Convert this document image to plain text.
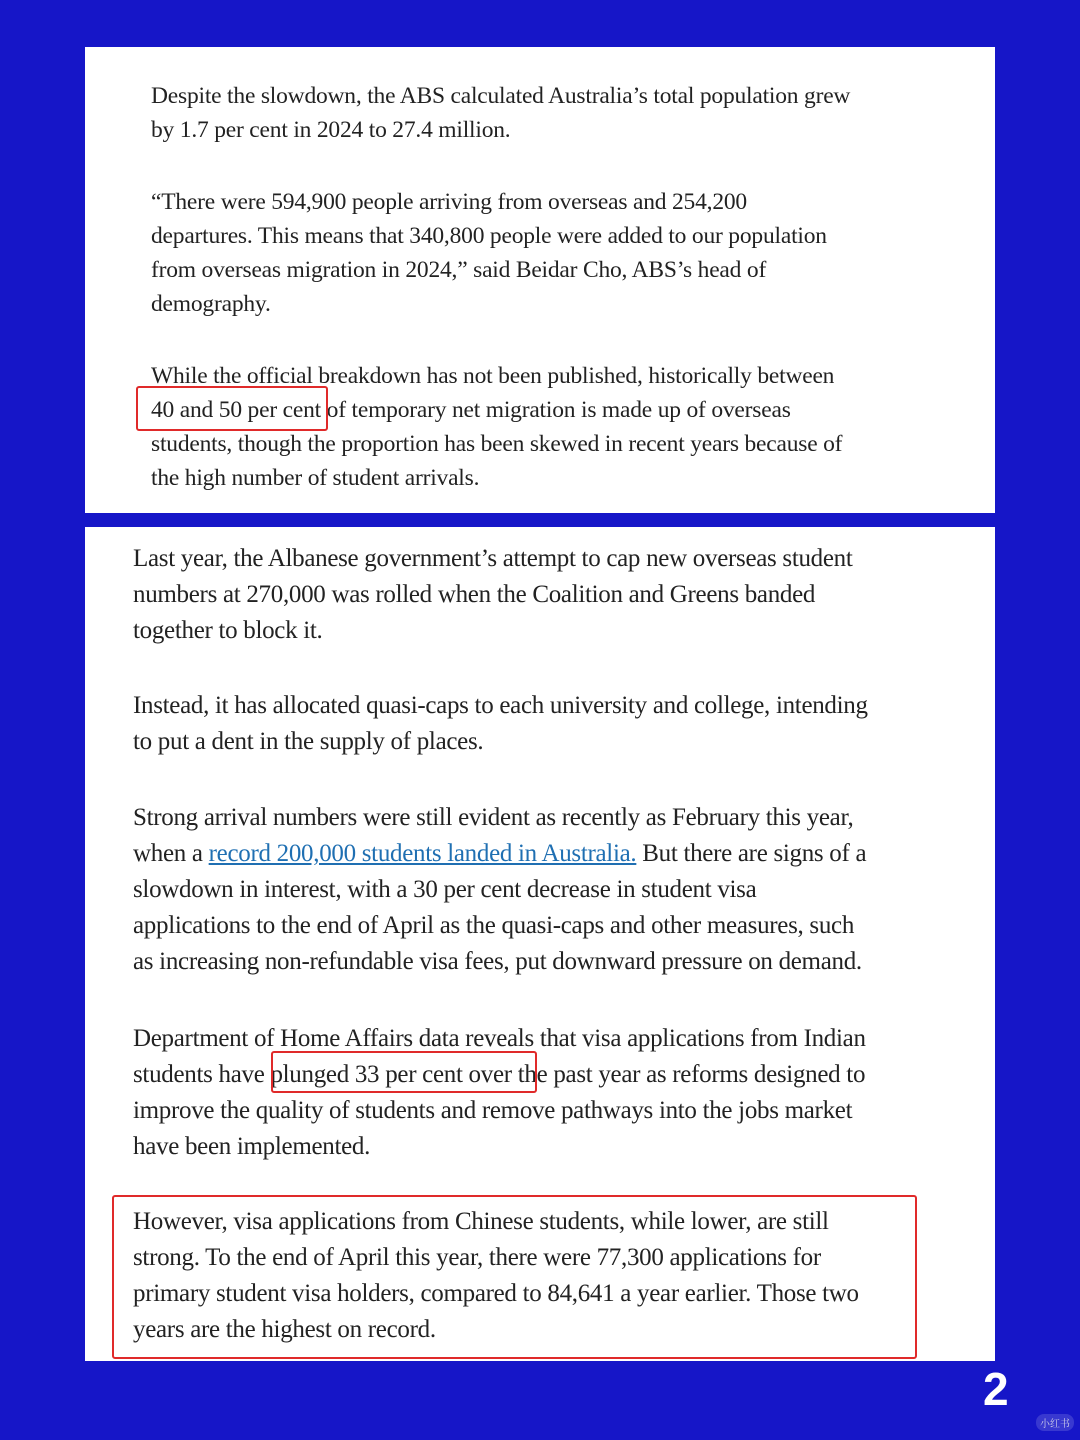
Despite the slowdown, the ABS calculated Australia’s total population grew
by 1.7 per cent in 2024 to 27.4 million.

“There were 594,900 people arriving from overseas and 254,200
departures. This means that 340,800 people were added to our population
from overseas migration in 2024,” said Beidar Cho, ABS’s head of
demography.

While the official breakdown has not been published, historically between
40 and 50 per cent of temporary net migration is made up of overseas
students, though the proportion has been skewed in recent years because of
the high number of student arrivals.

Last year, the Albanese government’s attempt to cap new overseas student
numbers at 270,000 was rolled when the Coalition and Greens banded
together to block it.

Instead, it has allocated quasi-caps to each university and college, intending
to put a dent in the supply of places.

Strong arrival numbers were still evident as recently as February this year,
when a record 200,000 students landed in Australia. But there are signs of a
slowdown in interest, with a 30 per cent decrease in student visa
applications to the end of April as the quasi-caps and other measures, such
as increasing non-refundable visa fees, put downward pressure on demand.

Department of Home Affairs data reveals that visa applications from Indian
students have plunged 33 per cent over the past year as reforms designed to
improve the quality of students and remove pathways into the jobs market
have been implemented.

However, visa applications from Chinese students, while lower, are still
strong. To the end of April this year, there were 77,300 applications for
primary student visa holders, compared to 84,641 a year earlier. Those two
years are the highest on record.

2
小红书
